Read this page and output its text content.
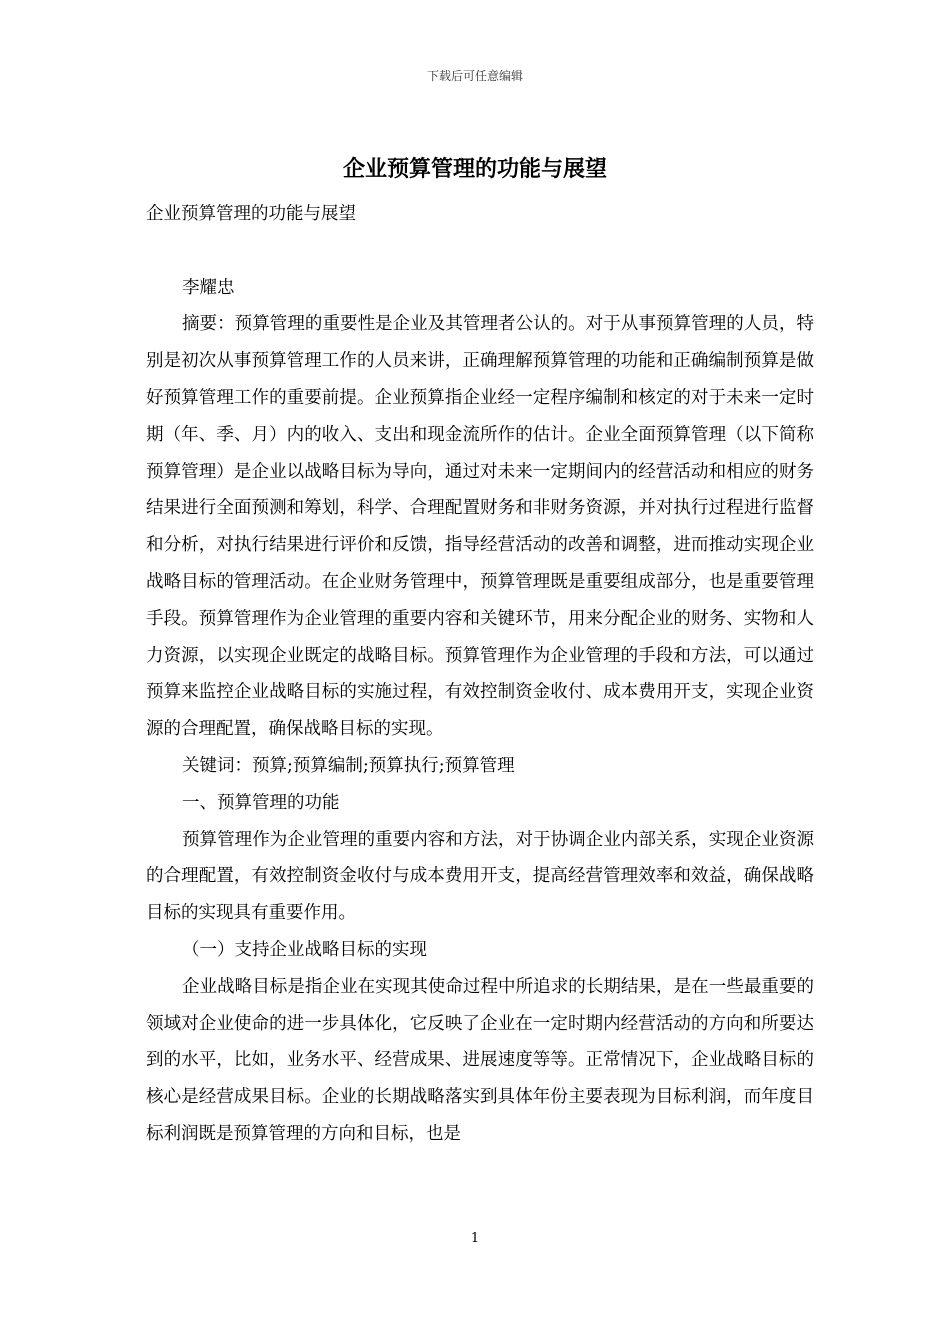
下载后可任意编辑
企业预算管理的功能与展望

企业预算管理的功能与展望

李耀忠

摘要：预算管理的重要性是企业及其管理者公认的。对于从事预算管理的人员，特别是初次从事预算管理工作的人员来讲，正确理解预算管理的功能和正确编制预算是做好预算管理工作的重要前提。企业预算指企业经一定程序编制和核定的对于未来一定时期（年、季、月）内的收入、支出和现金流所作的估计。企业全面预算管理（以下简称预算管理）是企业以战略目标为导向，通过对未来一定期间内的经营活动和相应的财务结果进行全面预测和筹划，科学、合理配置财务和非财务资源，并对执行过程进行监督和分析，对执行结果进行评价和反馈，指导经营活动的改善和调整，进而推动实现企业战略目标的管理活动。在企业财务管理中，预算管理既是重要组成部分，也是重要管理手段。预算管理作为企业管理的重要内容和关键环节，用来分配企业的财务、实物和人力资源，以实现企业既定的战略目标。预算管理作为企业管理的手段和方法，可以通过预算来监控企业战略目标的实施过程，有效控制资金收付、成本费用开支，实现企业资源的合理配置，确保战略目标的实现。

关键词：预算;预算编制;预算执行;预算管理

一、预算管理的功能

预算管理作为企业管理的重要内容和方法，对于协调企业内部关系，实现企业资源的合理配置，有效控制资金收付与成本费用开支，提高经营管理效率和效益，确保战略目标的实现具有重要作用。

（一）支持企业战略目标的实现

企业战略目标是指企业在实现其使命过程中所追求的长期结果，是在一些最重要的领域对企业使命的进一步具体化，它反映了企业在一定时期内经营活动的方向和所要达到的水平，比如，业务水平、经营成果、进展速度等等。正常情况下，企业战略目标的核心是经营成果目标。企业的长期战略落实到具体年份主要表现为目标利润，而年度目标利润既是预算管理的方向和目标，也是

1
